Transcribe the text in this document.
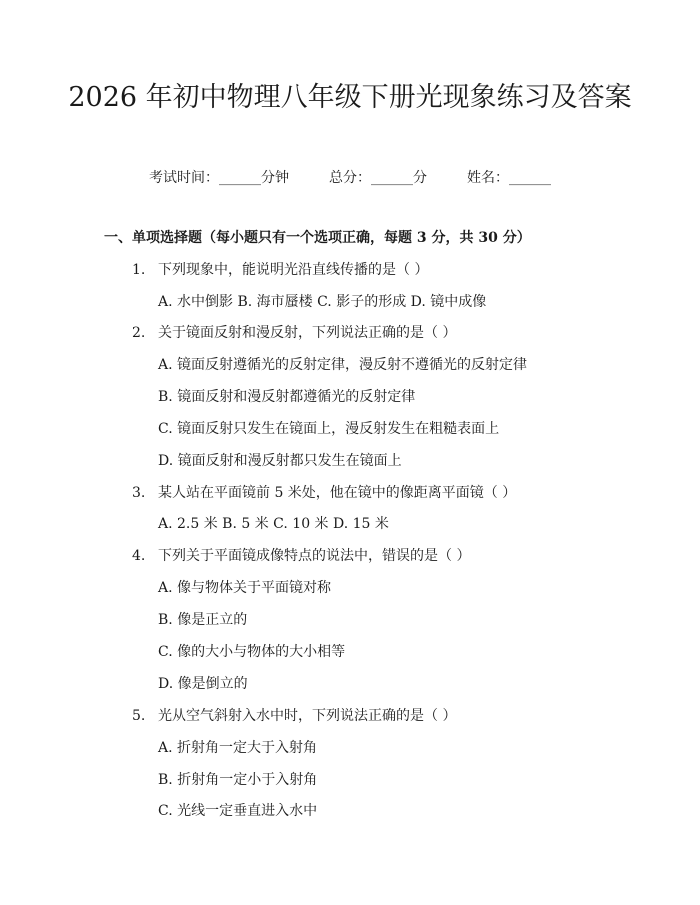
2026 年初中物理八年级下册光现象练习及答案
考试时间：______分钟	总分：______分	姓名：______
一、单项选择题（每小题只有一个选项正确，每题 3 分，共 30 分）
1. 下列现象中，能说明光沿直线传播的是（ ）
A. 水中倒影 B. 海市蜃楼 C. 影子的形成 D. 镜中成像
2. 关于镜面反射和漫反射，下列说法正确的是（ ）
A. 镜面反射遵循光的反射定律，漫反射不遵循光的反射定律
B. 镜面反射和漫反射都遵循光的反射定律
C. 镜面反射只发生在镜面上，漫反射发生在粗糙表面上
D. 镜面反射和漫反射都只发生在镜面上
3. 某人站在平面镜前 5 米处，他在镜中的像距离平面镜（ ）
A. 2.5 米 B. 5 米 C. 10 米 D. 15 米
4. 下列关于平面镜成像特点的说法中，错误的是（ ）
A. 像与物体关于平面镜对称
B. 像是正立的
C. 像的大小与物体的大小相等
D. 像是倒立的
5. 光从空气斜射入水中时，下列说法正确的是（ ）
A. 折射角一定大于入射角
B. 折射角一定小于入射角
C. 光线一定垂直进入水中
